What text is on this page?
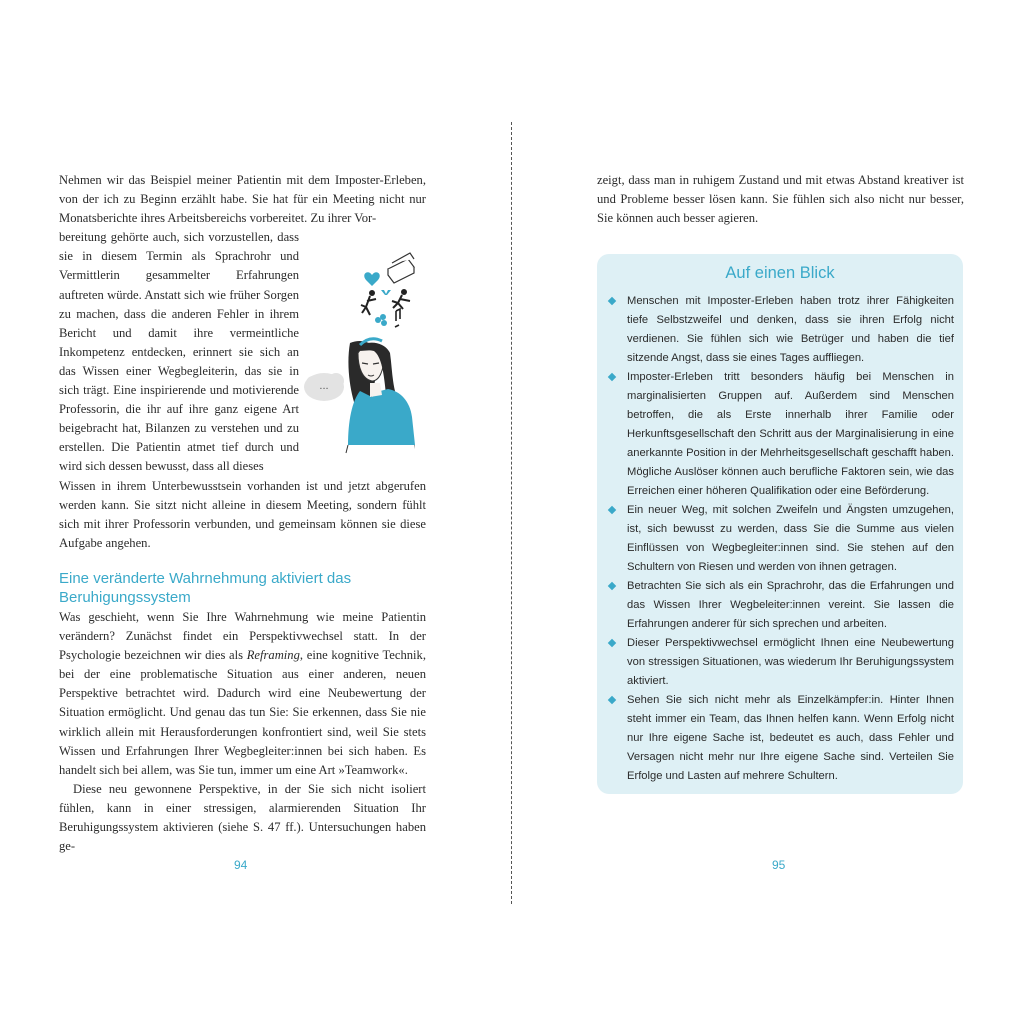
Nehmen wir das Beispiel meiner Patientin mit dem Imposter-Erleben, von der ich zu Beginn erzählt habe. Sie hat für ein Meeting nicht nur Monatsberichte ihres Arbeitsbereichs vorbereitet. Zu ihrer Vor-

bereitung gehörte auch, sich vorzustellen, dass sie in diesem Termin als Sprachrohr und Vermittlerin gesammelter Erfahrungen auftreten würde. Anstatt sich wie früher Sorgen zu machen, dass die anderen Fehler in ihrem Bericht und damit ihre vermeintliche Inkompetenz entdecken, erinnert sie sich an das Wissen einer Wegbegleiterin, das sie in sich trägt. Eine inspirierende und motivierende Professorin, die ihr auf ihre ganz eigene Art beigebracht hat, Bilanzen zu verstehen und zu erstellen. Die Patientin atmet tief durch und wird sich dessen bewusst, dass all dieses

Wissen in ihrem Unterbewusstsein vorhanden ist und jetzt abgerufen werden kann. Sie sitzt nicht alleine in diesem Meeting, sondern fühlt sich mit ihrer Professorin verbunden, und gemeinsam können sie diese Aufgabe angehen.

...
Eine veränderte Wahrnehmung aktiviert das Beruhigungssystem

Was geschieht, wenn Sie Ihre Wahrnehmung wie meine Patientin verändern? Zunächst findet ein Perspektivwechsel statt. In der Psychologie bezeichnen wir dies als Reframing, eine kognitive Technik, bei der eine problematische Situation aus einer anderen, neuen Perspektive betrachtet wird. Dadurch wird eine Neubewertung der Situation ermöglicht. Und genau das tun Sie: Sie erkennen, dass Sie nie wirklich allein mit Herausforderungen konfrontiert sind, weil Sie stets Wissen und Erfahrungen Ihrer Wegbegleiter:innen bei sich haben. Es handelt sich bei allem, was Sie tun, immer um eine Art »Teamwork«.

Diese neu gewonnene Perspektive, in der Sie sich nicht isoliert fühlen, kann in einer stressigen, alarmierenden Situation Ihr Beruhigungssystem aktivieren (siehe S. 47 ff.). Untersuchungen haben ge-

94

zeigt, dass man in ruhigem Zustand und mit etwas Abstand kreativer ist und Probleme besser lösen kann. Sie fühlen sich also nicht nur besser, Sie können auch besser agieren.

95
Auf einen Blick
Menschen mit Imposter-Erleben haben trotz ihrer Fähigkeiten tiefe Selbstzweifel und denken, dass sie ihren Erfolg nicht verdienen. Sie fühlen sich wie Betrüger und haben die tief sitzende Angst, dass sie eines Tages auffliegen.
Imposter-Erleben tritt besonders häufig bei Menschen in marginalisierten Gruppen auf. Außerdem sind Menschen betroffen, die als Erste innerhalb ihrer Familie oder Herkunftsgesellschaft den Schritt aus der Marginalisierung in eine anerkannte Position in der Mehrheitsgesellschaft geschafft haben. Mögliche Auslöser können auch berufliche Faktoren sein, wie das Erreichen einer höheren Qualifikation oder eine Beförderung.
Ein neuer Weg, mit solchen Zweifeln und Ängsten umzugehen, ist, sich bewusst zu werden, dass Sie die Summe aus vielen Einflüssen von Wegbegleiter:innen sind. Sie stehen auf den Schultern von Riesen und werden von ihnen getragen.
Betrachten Sie sich als ein Sprachrohr, das die Erfahrungen und das Wissen Ihrer Wegbeleiter:innen vereint. Sie lassen die Erfahrungen anderer für sich sprechen und arbeiten.
Dieser Perspektivwechsel ermöglicht Ihnen eine Neubewertung von stressigen Situationen, was wiederum Ihr Beruhigungssystem aktiviert.
Sehen Sie sich nicht mehr als Einzelkämpfer:in. Hinter Ihnen steht immer ein Team, das Ihnen helfen kann. Wenn Erfolg nicht nur Ihre eigene Sache ist, bedeutet es auch, dass Fehler und Versagen nicht mehr nur Ihre eigene Sache sind. Verteilen Sie Erfolge und Lasten auf mehrere Schultern.
